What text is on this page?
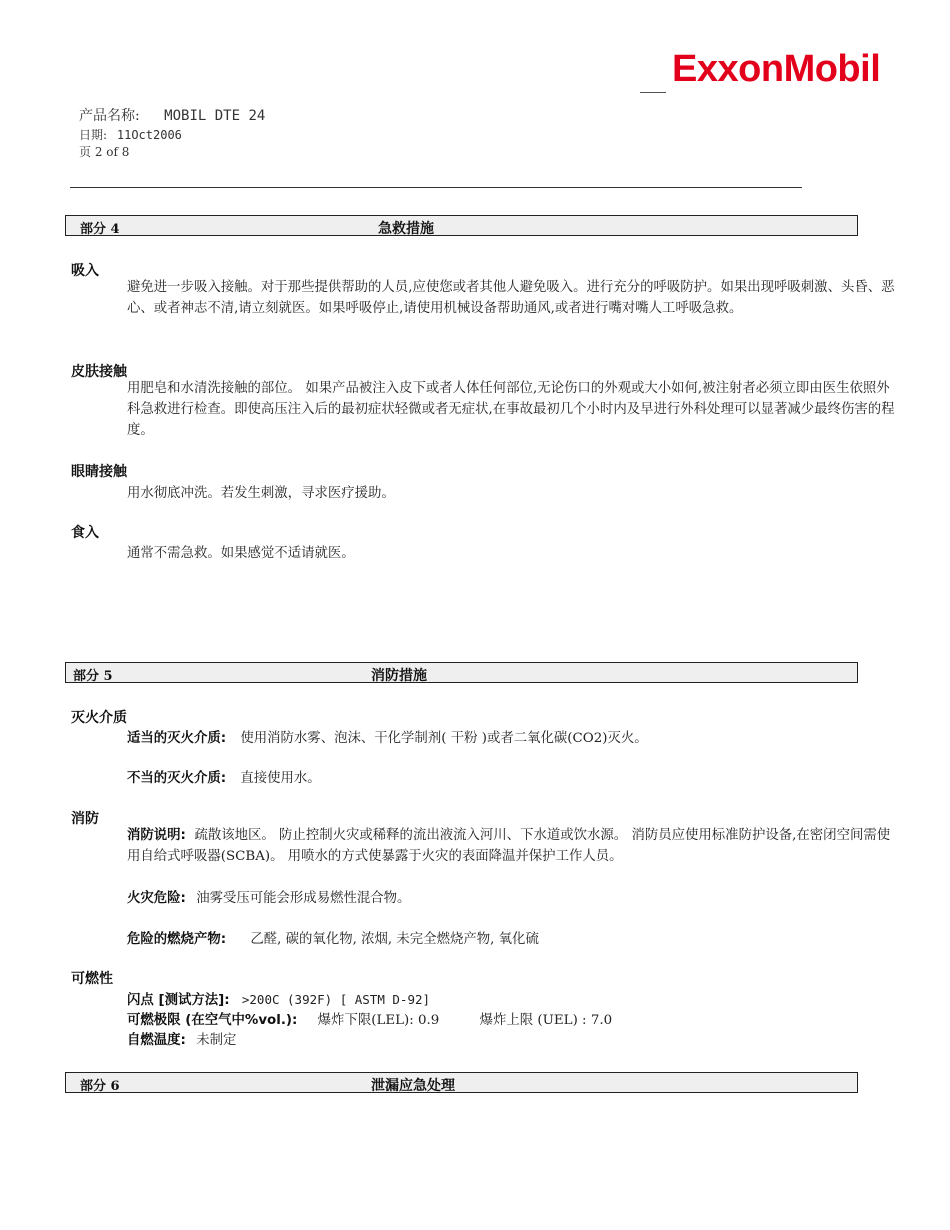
ExxonMobil
产品名称: MOBIL DTE 24
日期: 11Oct2006
页 2 of 8
部分 4	急救措施
吸入
避免进一步吸入接触。对于那些提供帮助的人员,应使您或者其他人避免吸入。进行充分的呼吸防护。如果出现呼吸刺激、头昏、恶心、或者神志不清,请立刻就医。如果呼吸停止,请使用机械设备帮助通风,或者进行嘴对嘴人工呼吸急救。
皮肤接触
用肥皂和水清洗接触的部位。 如果产品被注入皮下或者人体任何部位,无论伤口的外观或大小如何,被注射者必须立即由医生依照外科急救进行检查。即使高压注入后的最初症状轻微或者无症状,在事故最初几个小时内及早进行外科处理可以显著减少最终伤害的程度。
眼睛接触
用水彻底冲洗。若发生刺激，寻求医疗援助。
食入
通常不需急救。如果感觉不适请就医。
部分 5	消防措施
灭火介质
适当的灭火介质: 使用消防水雾、泡沫、干化学制剂( 干粉 )或者二氧化碳(CO2)灭火。
不当的灭火介质: 直接使用水。
消防
消防说明: 疏散该地区。 防止控制火灾或稀释的流出液流入河川、下水道或饮水源。 消防员应使用标准防护设备,在密闭空间需使用自给式呼吸器(SCBA)。 用喷水的方式使暴露于火灾的表面降温并保护工作人员。
火灾危险: 油雾受压可能会形成易燃性混合物。
危险的燃烧产物: 乙醛, 碳的氧化物, 浓烟, 未完全燃烧产物, 氧化硫
可燃性
闪点 [测试方法]: >200C (392F) [ ASTM D-92]
可燃极限 (在空气中%vol.): 爆炸下限(LEL): 0.9	爆炸上限 (UEL) : 7.0
自燃温度: 未制定
部分 6	泄漏应急处理
